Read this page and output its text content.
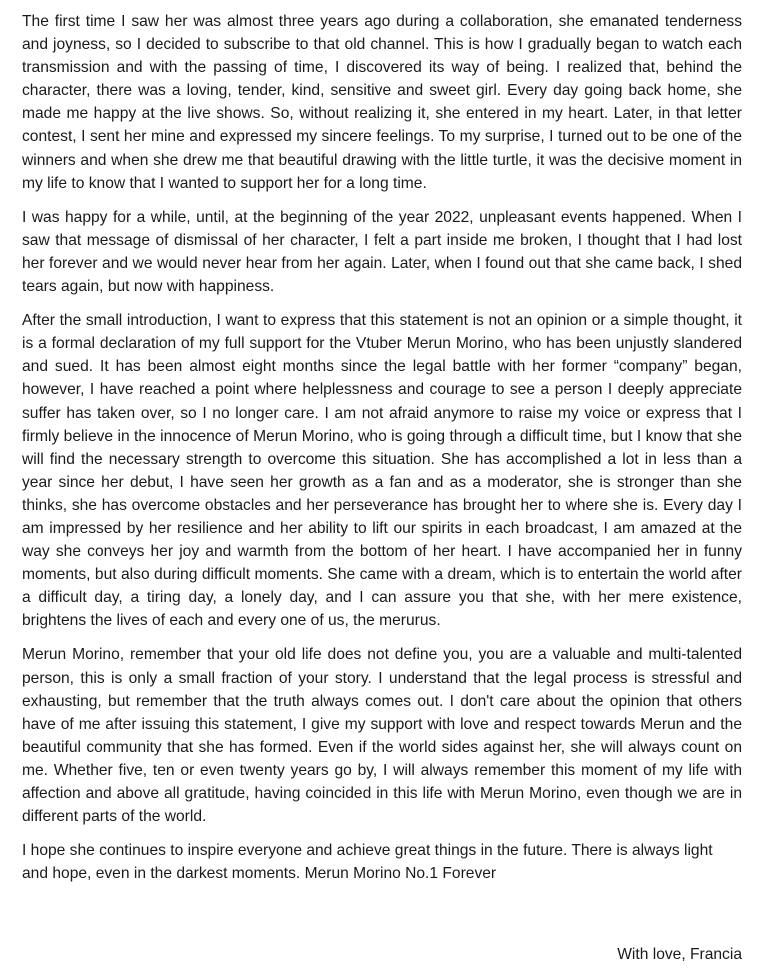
The first time I saw her was almost three years ago during a collaboration, she emanated tenderness and joyness, so I decided to subscribe to that old channel. This is how I gradually began to watch each transmission and with the passing of time, I discovered its way of being. I realized that, behind the character, there was a loving, tender, kind, sensitive and sweet girl. Every day going back home, she made me happy at the live shows. So, without realizing it, she entered in my heart. Later, in that letter contest, I sent her mine and expressed my sincere feelings. To my surprise, I turned out to be one of the winners and when she drew me that beautiful drawing with the little turtle, it was the decisive moment in my life to know that I wanted to support her for a long time.

I was happy for a while, until, at the beginning of the year 2022, unpleasant events happened. When I saw that message of dismissal of her character, I felt a part inside me broken, I thought that I had lost her forever and we would never hear from her again. Later, when I found out that she came back, I shed tears again, but now with happiness.

After the small introduction, I want to express that this statement is not an opinion or a simple thought, it is a formal declaration of my full support for the Vtuber Merun Morino, who has been unjustly slandered and sued. It has been almost eight months since the legal battle with her former “company” began, however, I have reached a point where helplessness and courage to see a person I deeply appreciate suffer has taken over, so I no longer care. I am not afraid anymore to raise my voice or express that I firmly believe in the innocence of Merun Morino, who is going through a difficult time, but I know that she will find the necessary strength to overcome this situation. She has accomplished a lot in less than a year since her debut, I have seen her growth as a fan and as a moderator, she is stronger than she thinks, she has overcome obstacles and her perseverance has brought her to where she is. Every day I am impressed by her resilience and her ability to lift our spirits in each broadcast, I am amazed at the way she conveys her joy and warmth from the bottom of her heart. I have accompanied her in funny moments, but also during difficult moments. She came with a dream, which is to entertain the world after a difficult day, a tiring day, a lonely day, and I can assure you that she, with her mere existence, brightens the lives of each and every one of us, the merurus.

Merun Morino, remember that your old life does not define you, you are a valuable and multi-talented person, this is only a small fraction of your story. I understand that the legal process is stressful and exhausting, but remember that the truth always comes out. I don't care about the opinion that others have of me after issuing this statement, I give my support with love and respect towards Merun and the beautiful community that she has formed. Even if the world sides against her, she will always count on me. Whether five, ten or even twenty years go by, I will always remember this moment of my life with affection and above all gratitude, having coincided in this life with Merun Morino, even though we are in different parts of the world.

I hope she continues to inspire everyone and achieve great things in the future. There is always light and hope, even in the darkest moments. Merun Morino No.1 Forever

With love, Francia
